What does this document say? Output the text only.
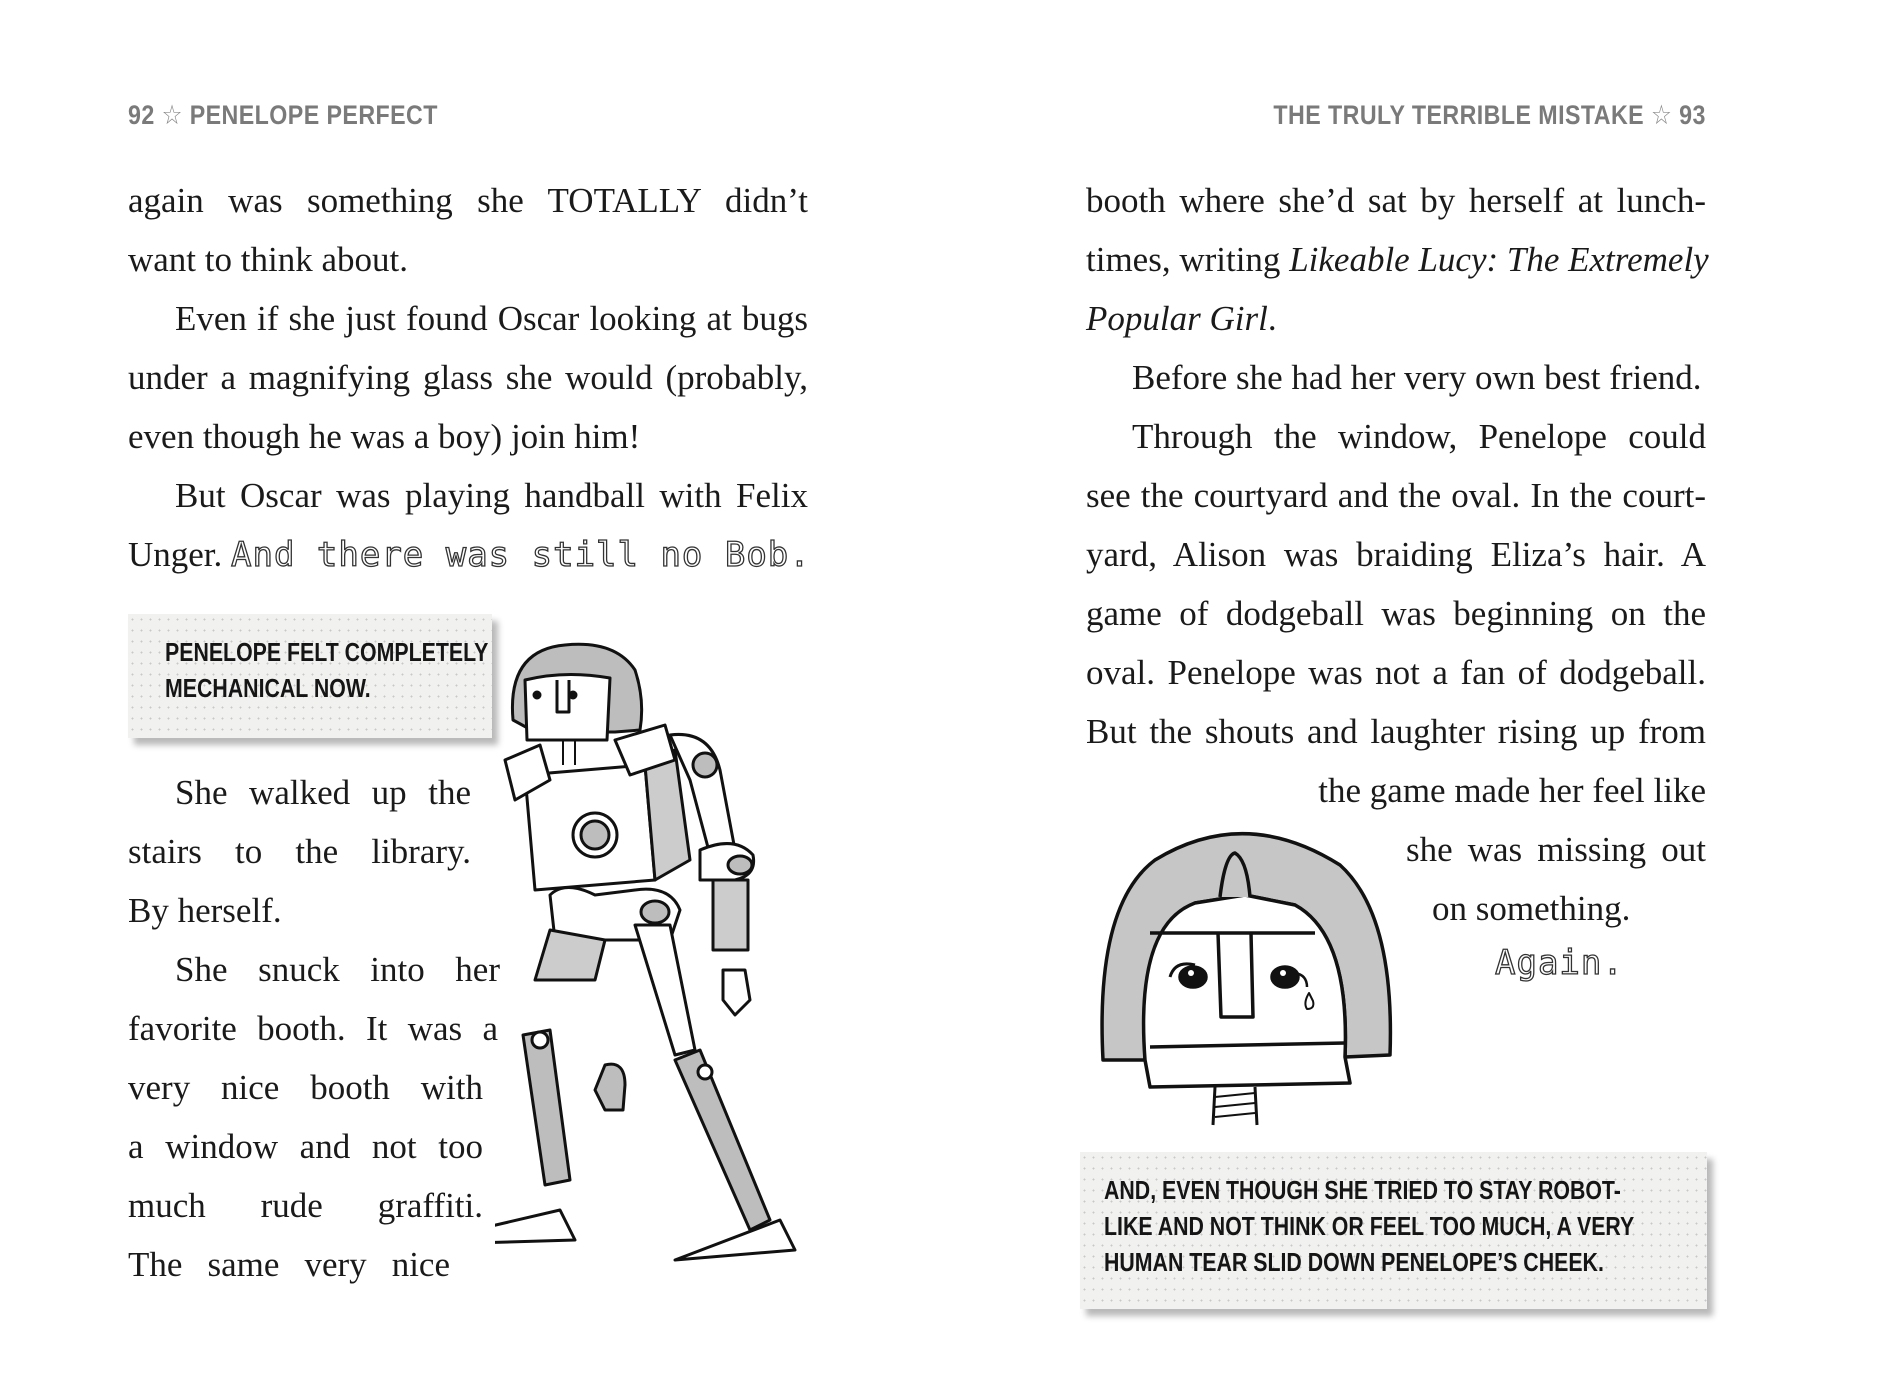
92 ☆ PENELOPE PERFECT
again was something she TOTALLY didn’t
want to think about.
Even if she just found Oscar looking at bugs
under a magnifying glass she would (probably,
even though he was a boy) join him!
But Oscar was playing handball with Felix
Unger. And there was still no Bob.
PENELOPE FELT COMPLETELY
MECHANICAL NOW.
She walked up the
stairs to the library.
By herself.
She snuck into her
favorite booth. It was a
very nice booth with
a window and not too
much rude graffiti.
The same very nice
THE TRULY TERRIBLE MISTAKE ☆ 93
booth where she’d sat by herself at lunch-
times, writing Likeable Lucy: The Extremely
Popular Girl.
Before she had her very own best friend.
Through the window, Penelope could
see the courtyard and the oval. In the court-
yard, Alison was braiding Eliza’s hair. A
game of dodgeball was beginning on the
oval. Penelope was not a fan of dodgeball.
But the shouts and laughter rising up from
the game made her feel like
she was missing out
on something.
Again.
AND, EVEN THOUGH SHE TRIED TO STAY ROBOT-
LIKE AND NOT THINK OR FEEL TOO MUCH, A VERY
HUMAN TEAR SLID DOWN PENELOPE’S CHEEK.
